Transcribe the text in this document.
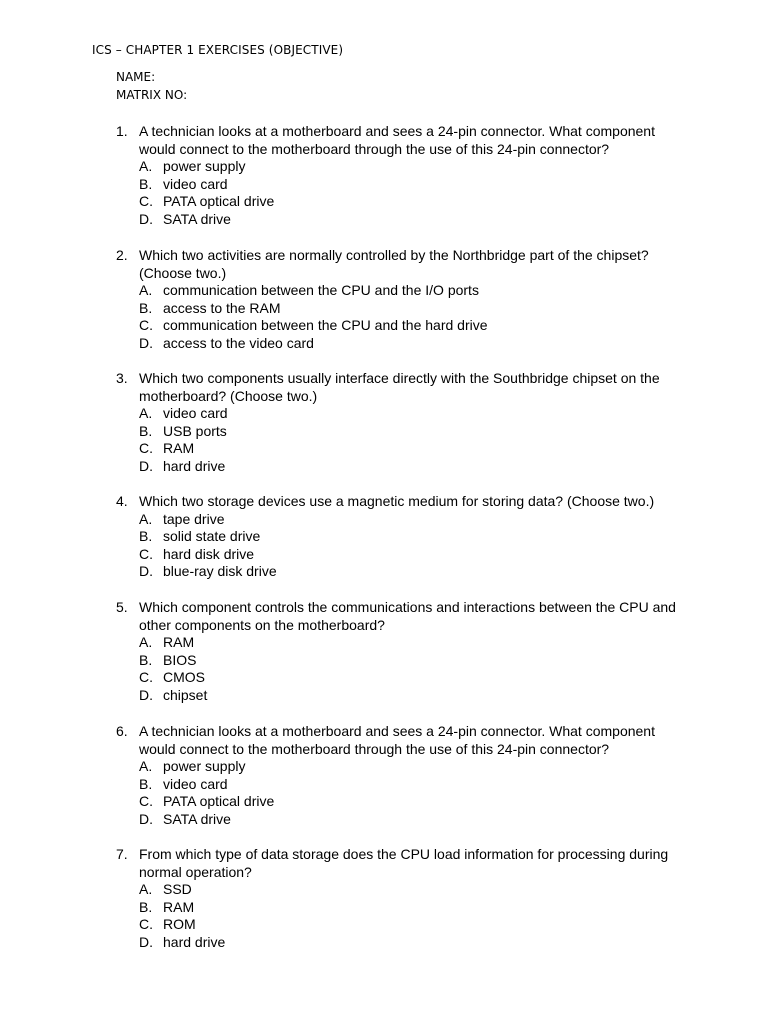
ICS – CHAPTER 1 EXERCISES (OBJECTIVE)
NAME:
MATRIX NO:
1. A technician looks at a motherboard and sees a 24-pin connector. What component would connect to the motherboard through the use of this 24-pin connector?
A. power supply
B. video card
C. PATA optical drive
D. SATA drive
2. Which two activities are normally controlled by the Northbridge part of the chipset? (Choose two.)
A. communication between the CPU and the I/O ports
B. access to the RAM
C. communication between the CPU and the hard drive
D. access to the video card
3. Which two components usually interface directly with the Southbridge chipset on the motherboard? (Choose two.)
A. video card
B. USB ports
C. RAM
D. hard drive
4. Which two storage devices use a magnetic medium for storing data? (Choose two.)
A. tape drive
B. solid state drive
C. hard disk drive
D. blue-ray disk drive
5. Which component controls the communications and interactions between the CPU and other components on the motherboard?
A. RAM
B. BIOS
C. CMOS
D. chipset
6. A technician looks at a motherboard and sees a 24-pin connector. What component would connect to the motherboard through the use of this 24-pin connector?
A. power supply
B. video card
C. PATA optical drive
D. SATA drive
7. From which type of data storage does the CPU load information for processing during normal operation?
A. SSD
B. RAM
C. ROM
D. hard drive
